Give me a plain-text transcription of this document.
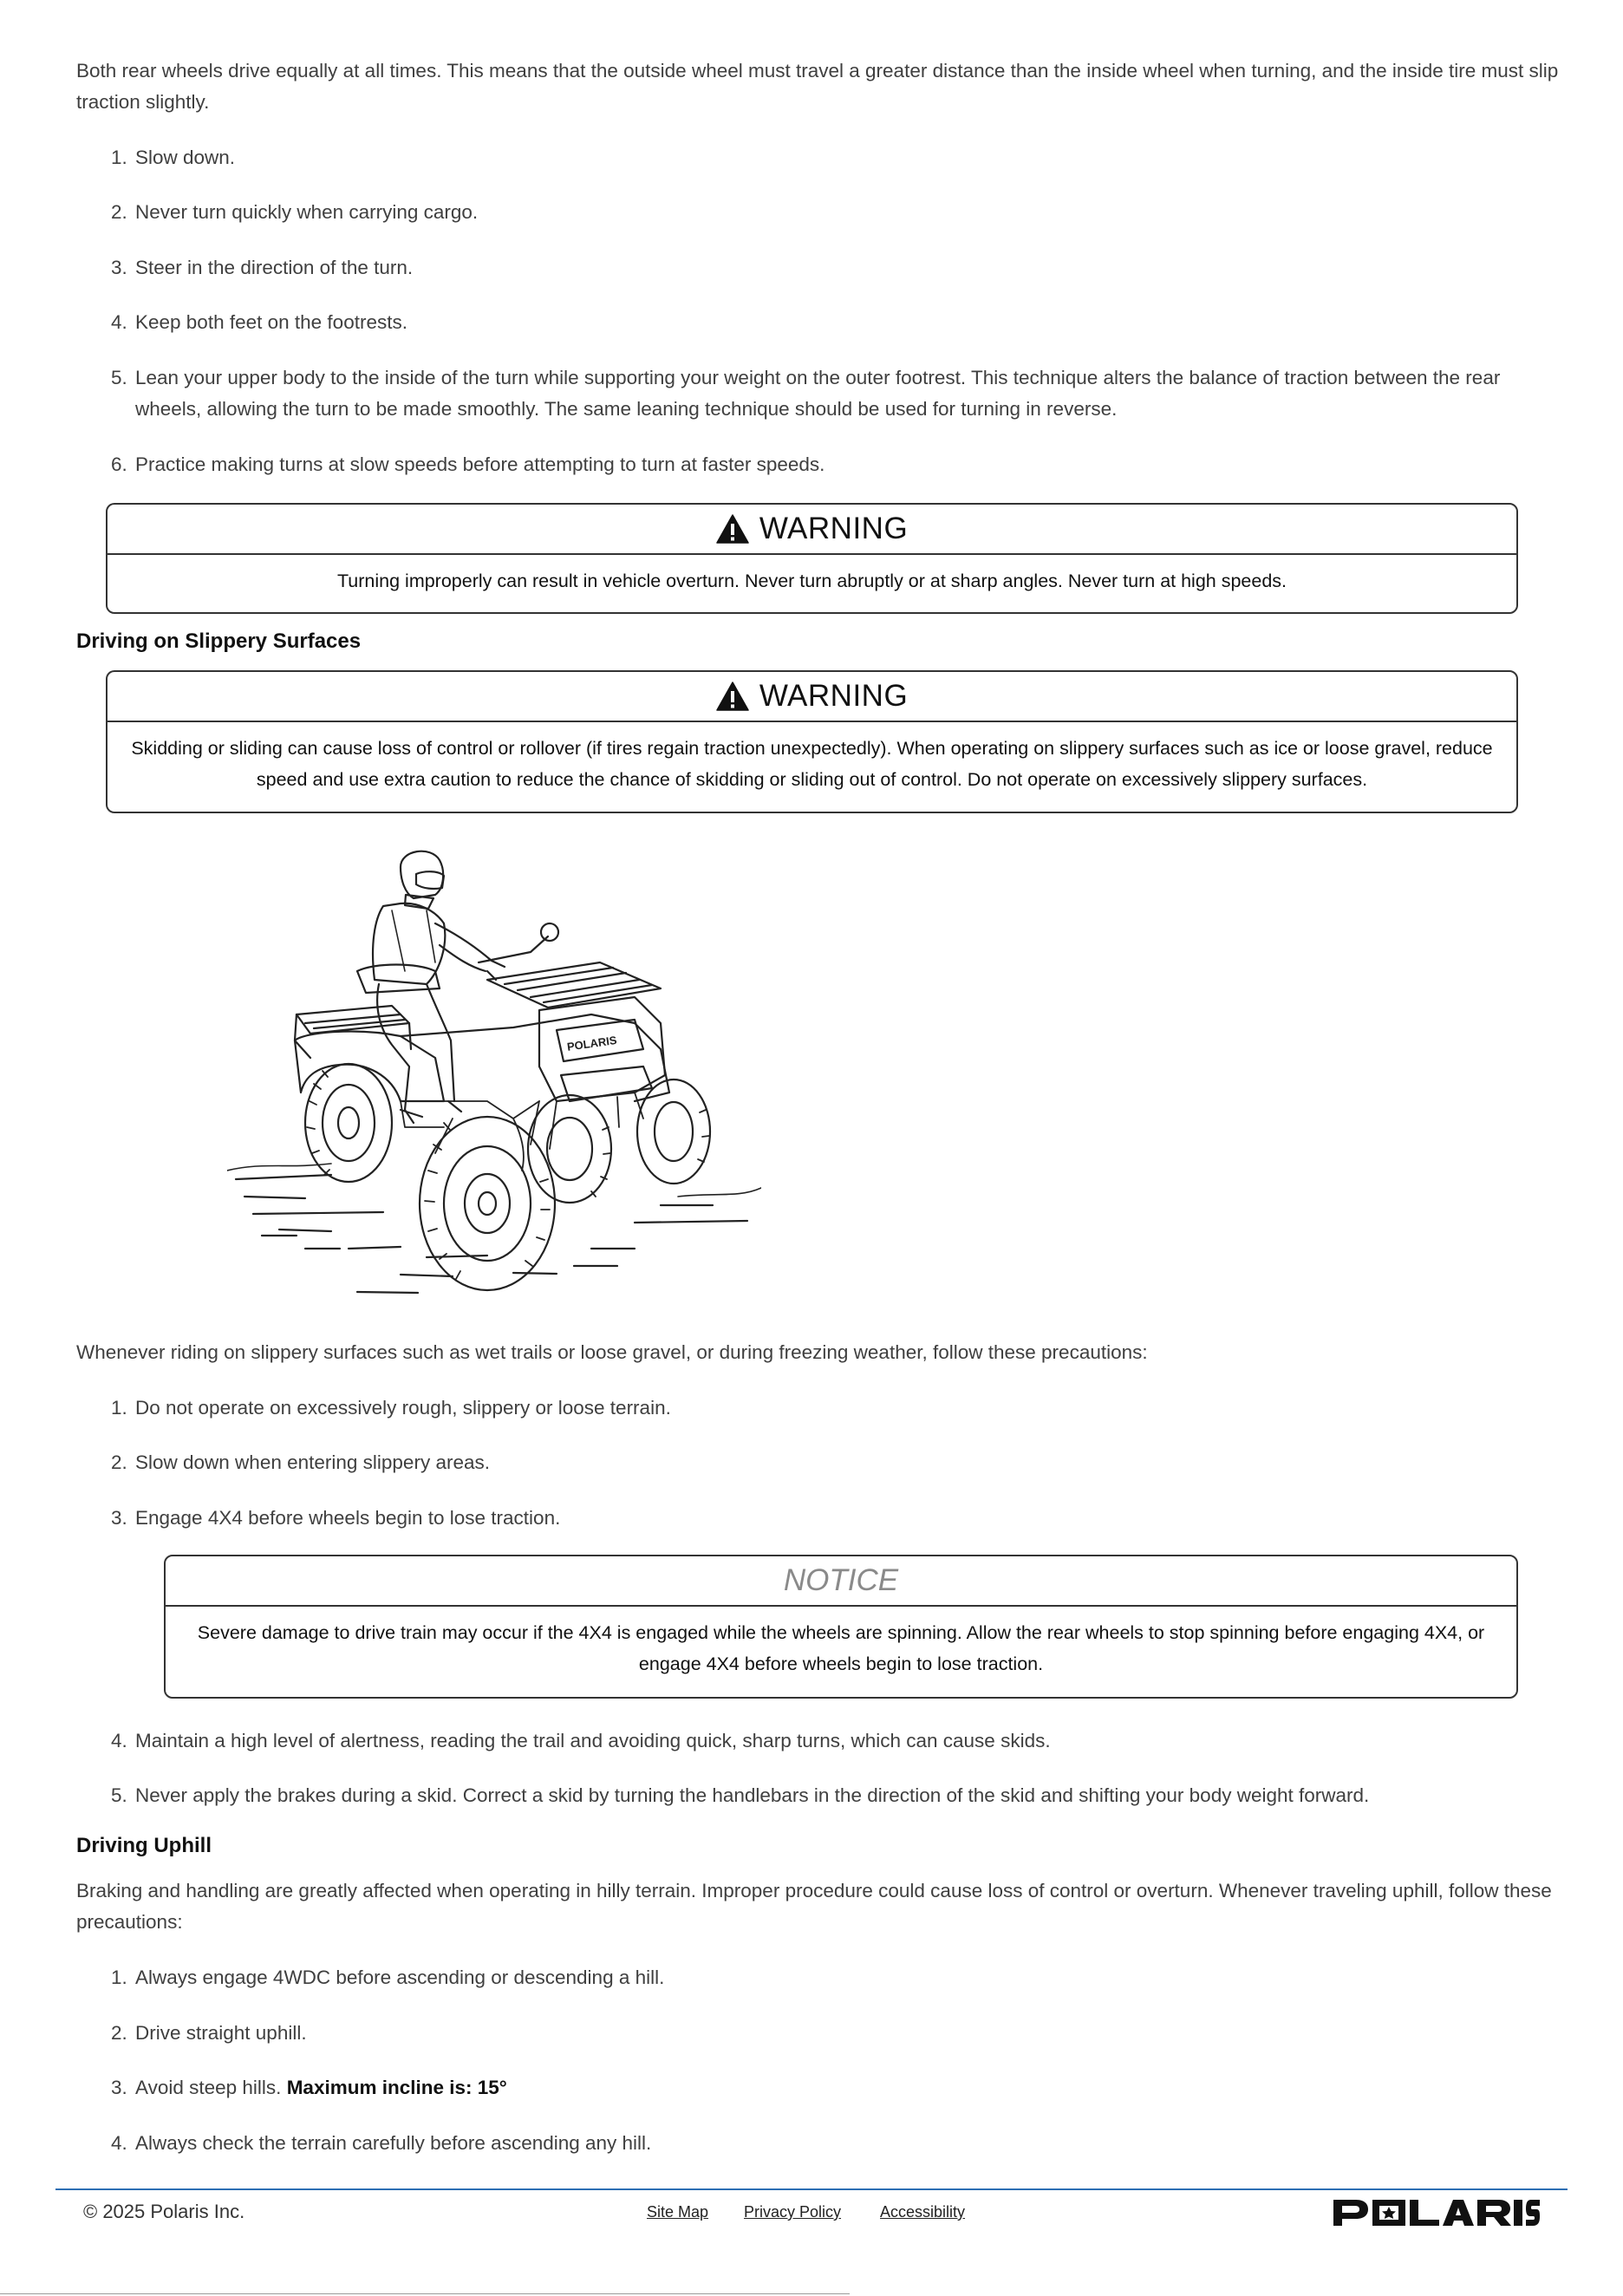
Both rear wheels drive equally at all times. This means that the outside wheel must travel a greater distance than the inside wheel when turning, and the inside tire must slip traction slightly.

1. Slow down.
2. Never turn quickly when carrying cargo.
3. Steer in the direction of the turn.
4. Keep both feet on the footrests.
5. Lean your upper body to the inside of the turn while supporting your weight on the outer footrest. This technique alters the balance of traction between the rear wheels, allowing the turn to be made smoothly. The same leaning technique should be used for turning in reverse.
6. Practice making turns at slow speeds before attempting to turn at faster speeds.
WARNING
Turning improperly can result in vehicle overturn. Never turn abruptly or at sharp angles. Never turn at high speeds.
Driving on Slippery Surfaces
WARNING
Skidding or sliding can cause loss of control or rollover (if tires regain traction unexpectedly). When operating on slippery surfaces such as ice or loose gravel, reduce speed and use extra caution to reduce the chance of skidding or sliding out of control. Do not operate on excessively slippery surfaces.
POLARIS

Whenever riding on slippery surfaces such as wet trails or loose gravel, or during freezing weather, follow these precautions:

1. Do not operate on excessively rough, slippery or loose terrain.
2. Slow down when entering slippery areas.
3. Engage 4X4 before wheels begin to lose traction.
NOTICE
Severe damage to drive train may occur if the 4X4 is engaged while the wheels are spinning. Allow the rear wheels to stop spinning before engaging 4X4, or engage 4X4 before wheels begin to lose traction.
4. Maintain a high level of alertness, reading the trail and avoiding quick, sharp turns, which can cause skids.
5. Never apply the brakes during a skid. Correct a skid by turning the handlebars in the direction of the skid and shifting your body weight forward.
Driving Uphill

Braking and handling are greatly affected when operating in hilly terrain. Improper procedure could cause loss of control or overturn. Whenever traveling uphill, follow these precautions:

1. Always engage 4WDC before ascending or descending a hill.
2. Drive straight uphill.
3. Avoid steep hills. Maximum incline is: 15°
4. Always check the terrain carefully before ascending any hill.
© 2025 Polaris Inc.	Site Map Privacy Policy Accessibility
